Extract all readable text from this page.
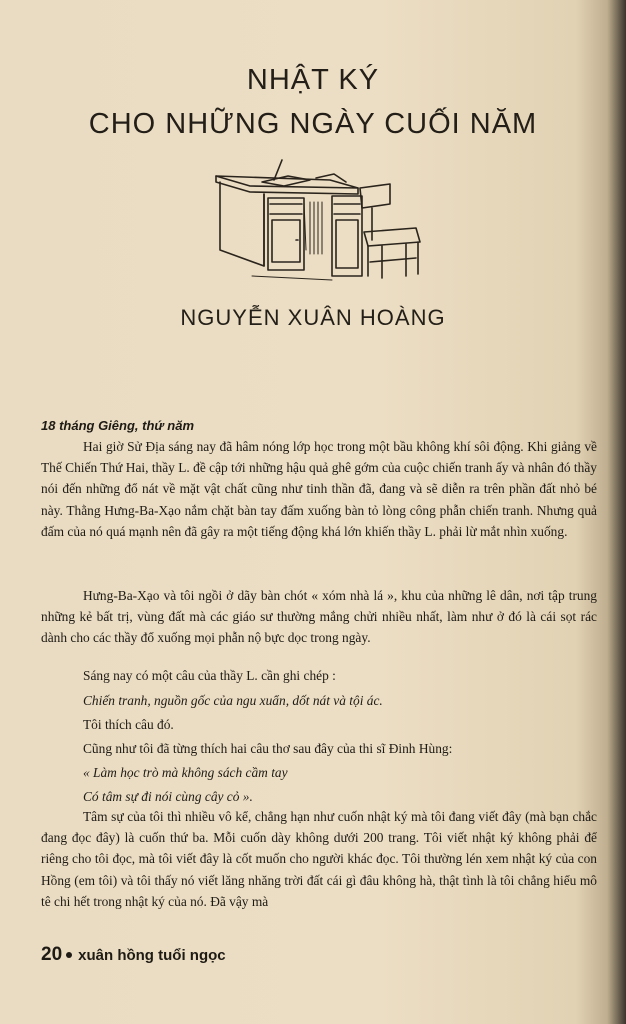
NHẬT KÝ
CHO NHỮNG NGÀY CUỐI NĂM
NGUYỄN XUÂN HOÀNG
18 tháng Giêng, thứ năm

Hai giờ Sử Địa sáng nay đã hâm nóng lớp học trong một bầu không khí sôi động. Khi giảng về Thế Chiến Thứ Hai, thầy L. đề cập tới những hậu quả ghê gớm của cuộc chiến tranh ấy và nhân đó thầy nói đến những đổ nát về mặt vật chất cũng như tinh thần đã, đang và sẽ diễn ra trên phần đất nhỏ bé này. Thằng Hưng-Ba-Xạo nắm chặt bàn tay đấm xuống bàn tỏ lòng công phẫn chiến tranh. Nhưng quả đấm của nó quá mạnh nên đã gây ra một tiếng động khá lớn khiến thầy L. phải lừ mắt nhìn xuống.

Hưng-Ba-Xạo và tôi ngồi ở dãy bàn chót « xóm nhà lá », khu của những lê dân, nơi tập trung những kẻ bất trị, vùng đất mà các giáo sư thường mắng chửi nhiều nhất, làm như ở đó là cái sọt rác dành cho các thầy đổ xuống mọi phẫn nộ bực dọc trong ngày.

Sáng nay có một câu của thầy L. cần ghi chép :

Chiến tranh, nguồn gốc của ngu xuẩn, dốt nát và tội ác.

Tôi thích câu đó.

Cũng như tôi đã từng thích hai câu thơ sau đây của thi sĩ Đinh Hùng:

« Làm học trò mà không sách cầm tay

Có tâm sự đi nói cùng cây cỏ ».

Tâm sự của tôi thì nhiều vô kể, chẳng hạn như cuốn nhật ký mà tôi đang viết đây (mà bạn chắc đang đọc đây) là cuốn thứ ba. Mỗi cuốn dày không dưới 200 trang. Tôi viết nhật ký không phải để riêng cho tôi đọc, mà tôi viết đây là cốt muốn cho người khác đọc. Tôi thường lén xem nhật ký của con Hồng (em tôi) và tôi thấy nó viết lăng nhăng trời đất cái gì đâu không hà, thật tình là tôi chẳng hiểu mô tê chi hết trong nhật ký của nó. Đã vậy mà

20 xuân hồng tuổi ngọc
